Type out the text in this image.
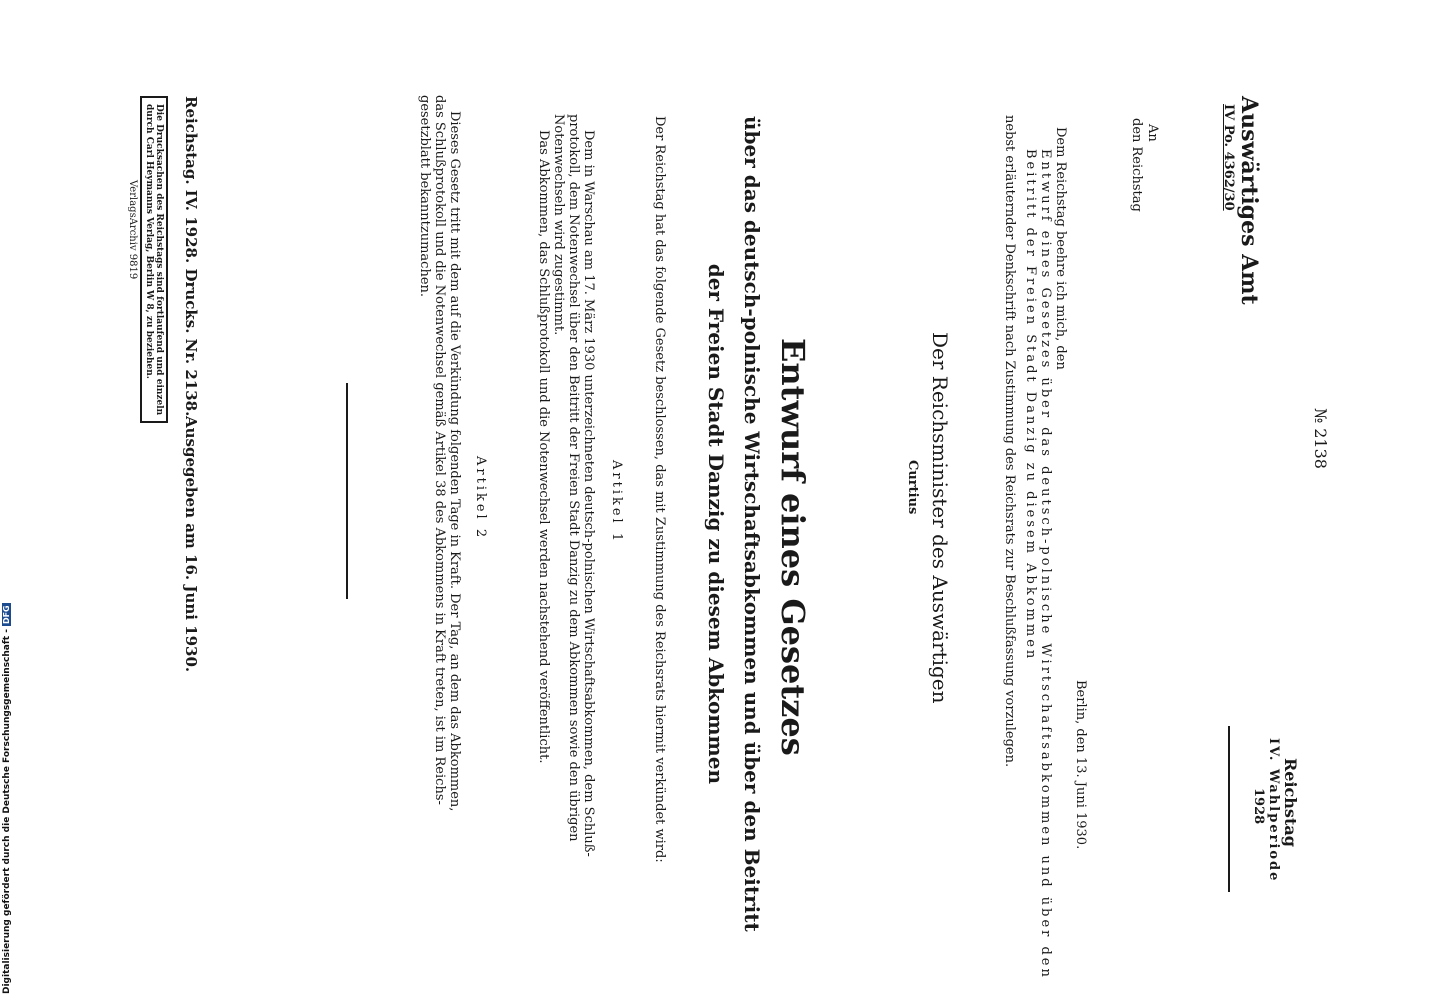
Auswärtiges Amt
IV Po. 4362/30
№ 2138
Reichstag
IV. Wahlperiode
1928
An
den Reichstag
Berlin, den 13. Juni 1930.
Dem Reichstag beehre ich mich, den
Entwurf eines Gesetzes über das deutsch-polnische Wirtschaftsabkommen und über den
Beitritt der Freien Stadt Danzig zu diesem Abkommen
nebst erläuternder Denkschrift nach Zustimmung des Reichsrats zur Beschlußfassung vorzulegen.
Der Reichsminister des Auswärtigen
Curtius
Entwurf eines Gesetzes
über das deutsch-polnische Wirtschaftsabkommen und über den Beitritt
der Freien Stadt Danzig zu diesem Abkommen
Der Reichstag hat das folgende Gesetz beschlossen, das mit Zustimmung des Reichsrats hiermit verkündet wird:
Artikel 1
Dem in Warschau am 17. März 1930 unterzeichneten deutsch-polnischen Wirtschaftsabkommen, dem Schluß-
protokoll, dem Notenwechsel über den Beitritt der Freien Stadt Danzig zu dem Abkommen sowie den übrigen
Notenwechseln wird zugestimmt.
Das Abkommen, das Schlußprotokoll und die Notenwechsel werden nachstehend veröffentlicht.
Artikel 2
Dieses Gesetz tritt mit dem auf die Verkündung folgenden Tage in Kraft. Der Tag, an dem das Abkommen,
das Schlußprotokoll und die Notenwechsel gemäß Artikel 38 des Abkommens in Kraft treten, ist im Reichs-
gesetzblatt bekanntzumachen.
Reichstag. IV. 1928. Drucks. Nr. 2138.
Ausgegeben am 16. Juni 1930.
Die Drucksachen des Reichstags sind fortlaufend und einzeln
durch Carl Heymanns Verlag, Berlin W 8, zu beziehen.
VerlagsArchiv 9819
Digitalisierung gefördert durch die Deutsche Forschungsgemeinschaft -DFG
